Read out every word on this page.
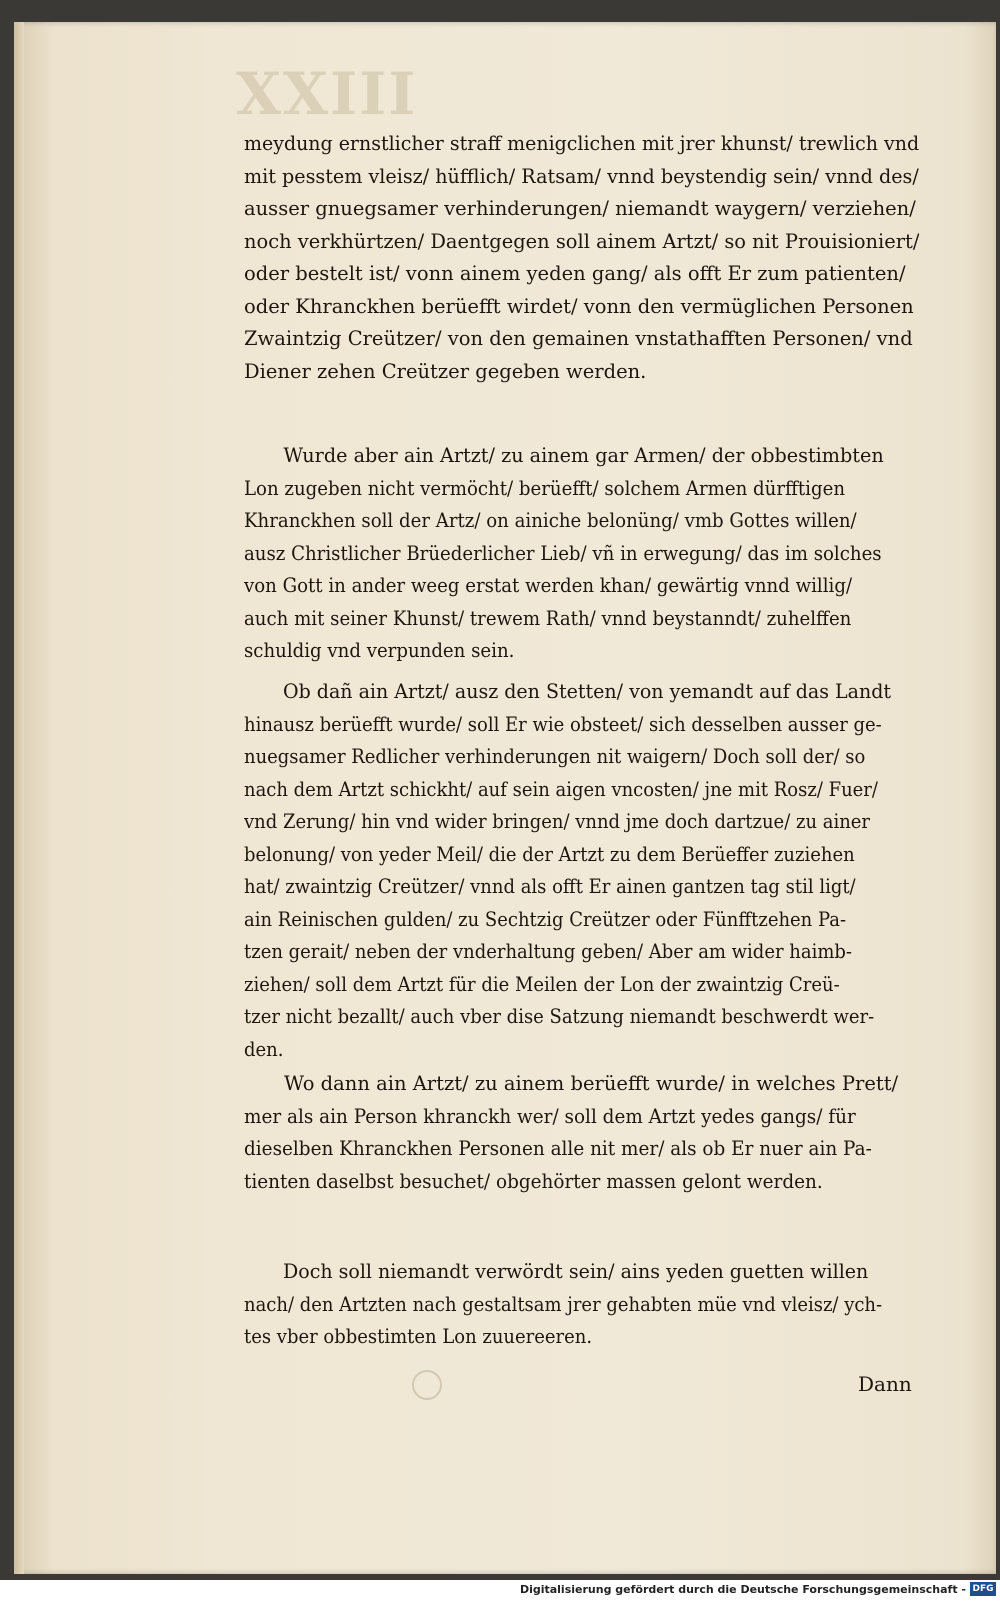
XXIII
meydung ernstlicher straff menigclichen mit jrer khunst/ trewlich vnd
mit pesstem vleisz/ hüfflich/ Ratsam/ vnnd beystendig sein/ vnnd des/
ausser gnuegsamer verhinderungen/ niemandt waygern/ verziehen/
noch verkhürtzen/ Daentgegen soll ainem Artzt/ so nit Prouisioniert/
oder bestelt ist/ vonn ainem yeden gang/ als offt Er zum patienten/
oder Khranckhen berüefft wirdet/ vonn den vermüglichen Personen
Zwaintzig Creützer/ von den gemainen vnstathafften Personen/ vnd
Diener zehen Creützer gegeben werden.
Wurde aber ain Artzt/ zu ainem gar Armen/ der obbestimbten
Lon zugeben nicht vermöcht/ berüefft/ solchem Armen dürfftigen
Khranckhen soll der Artz/ on ainiche belonüng/ vmb Gottes willen/
ausz Christlicher Brüederlicher Lieb/ vñ in erwegung/ das im solches
von Gott in ander weeg erstat werden khan/ gewärtig vnnd willig/
auch mit seiner Khunst/ trewem Rath/ vnnd beystanndt/ zuhelffen
schuldig vnd verpunden sein.
Ob dañ ain Artzt/ ausz den Stetten/ von yemandt auf das Landt
hinausz berüefft wurde/ soll Er wie obsteet/ sich desselben ausser ge-
nuegsamer Redlicher verhinderungen nit waigern/ Doch soll der/ so
nach dem Artzt schickht/ auf sein aigen vncosten/ jne mit Rosz/ Fuer/
vnd Zerung/ hin vnd wider bringen/ vnnd jme doch dartzue/ zu ainer
belonung/ von yeder Meil/ die der Artzt zu dem Berüeffer zuziehen
hat/ zwaintzig Creützer/ vnnd als offt Er ainen gantzen tag stil ligt/
ain Reinischen gulden/ zu Sechtzig Creützer oder Fünfftzehen Pa-
tzen gerait/ neben der vnderhaltung geben/ Aber am wider haimb-
ziehen/ soll dem Artzt für die Meilen der Lon der zwaintzig Creü-
tzer nicht bezallt/ auch vber dise Satzung niemandt beschwerdt wer-
den.
Wo dann ain Artzt/ zu ainem berüefft wurde/ in welches Prett/
mer als ain Person khranckh wer/ soll dem Artzt yedes gangs/ für
dieselben Khranckhen Personen alle nit mer/ als ob Er nuer ain Pa-
tienten daselbst besuchet/ obgehörter massen gelont werden.
Doch soll niemandt verwördt sein/ ains yeden guetten willen
nach/ den Artzten nach gestaltsam jrer gehabten müe vnd vleisz/ ych-
tes vber obbestimten Lon zuuereeren.
Dann
Digitalisierung gefördert durch die Deutsche Forschungsgemeinschaft - DFG
